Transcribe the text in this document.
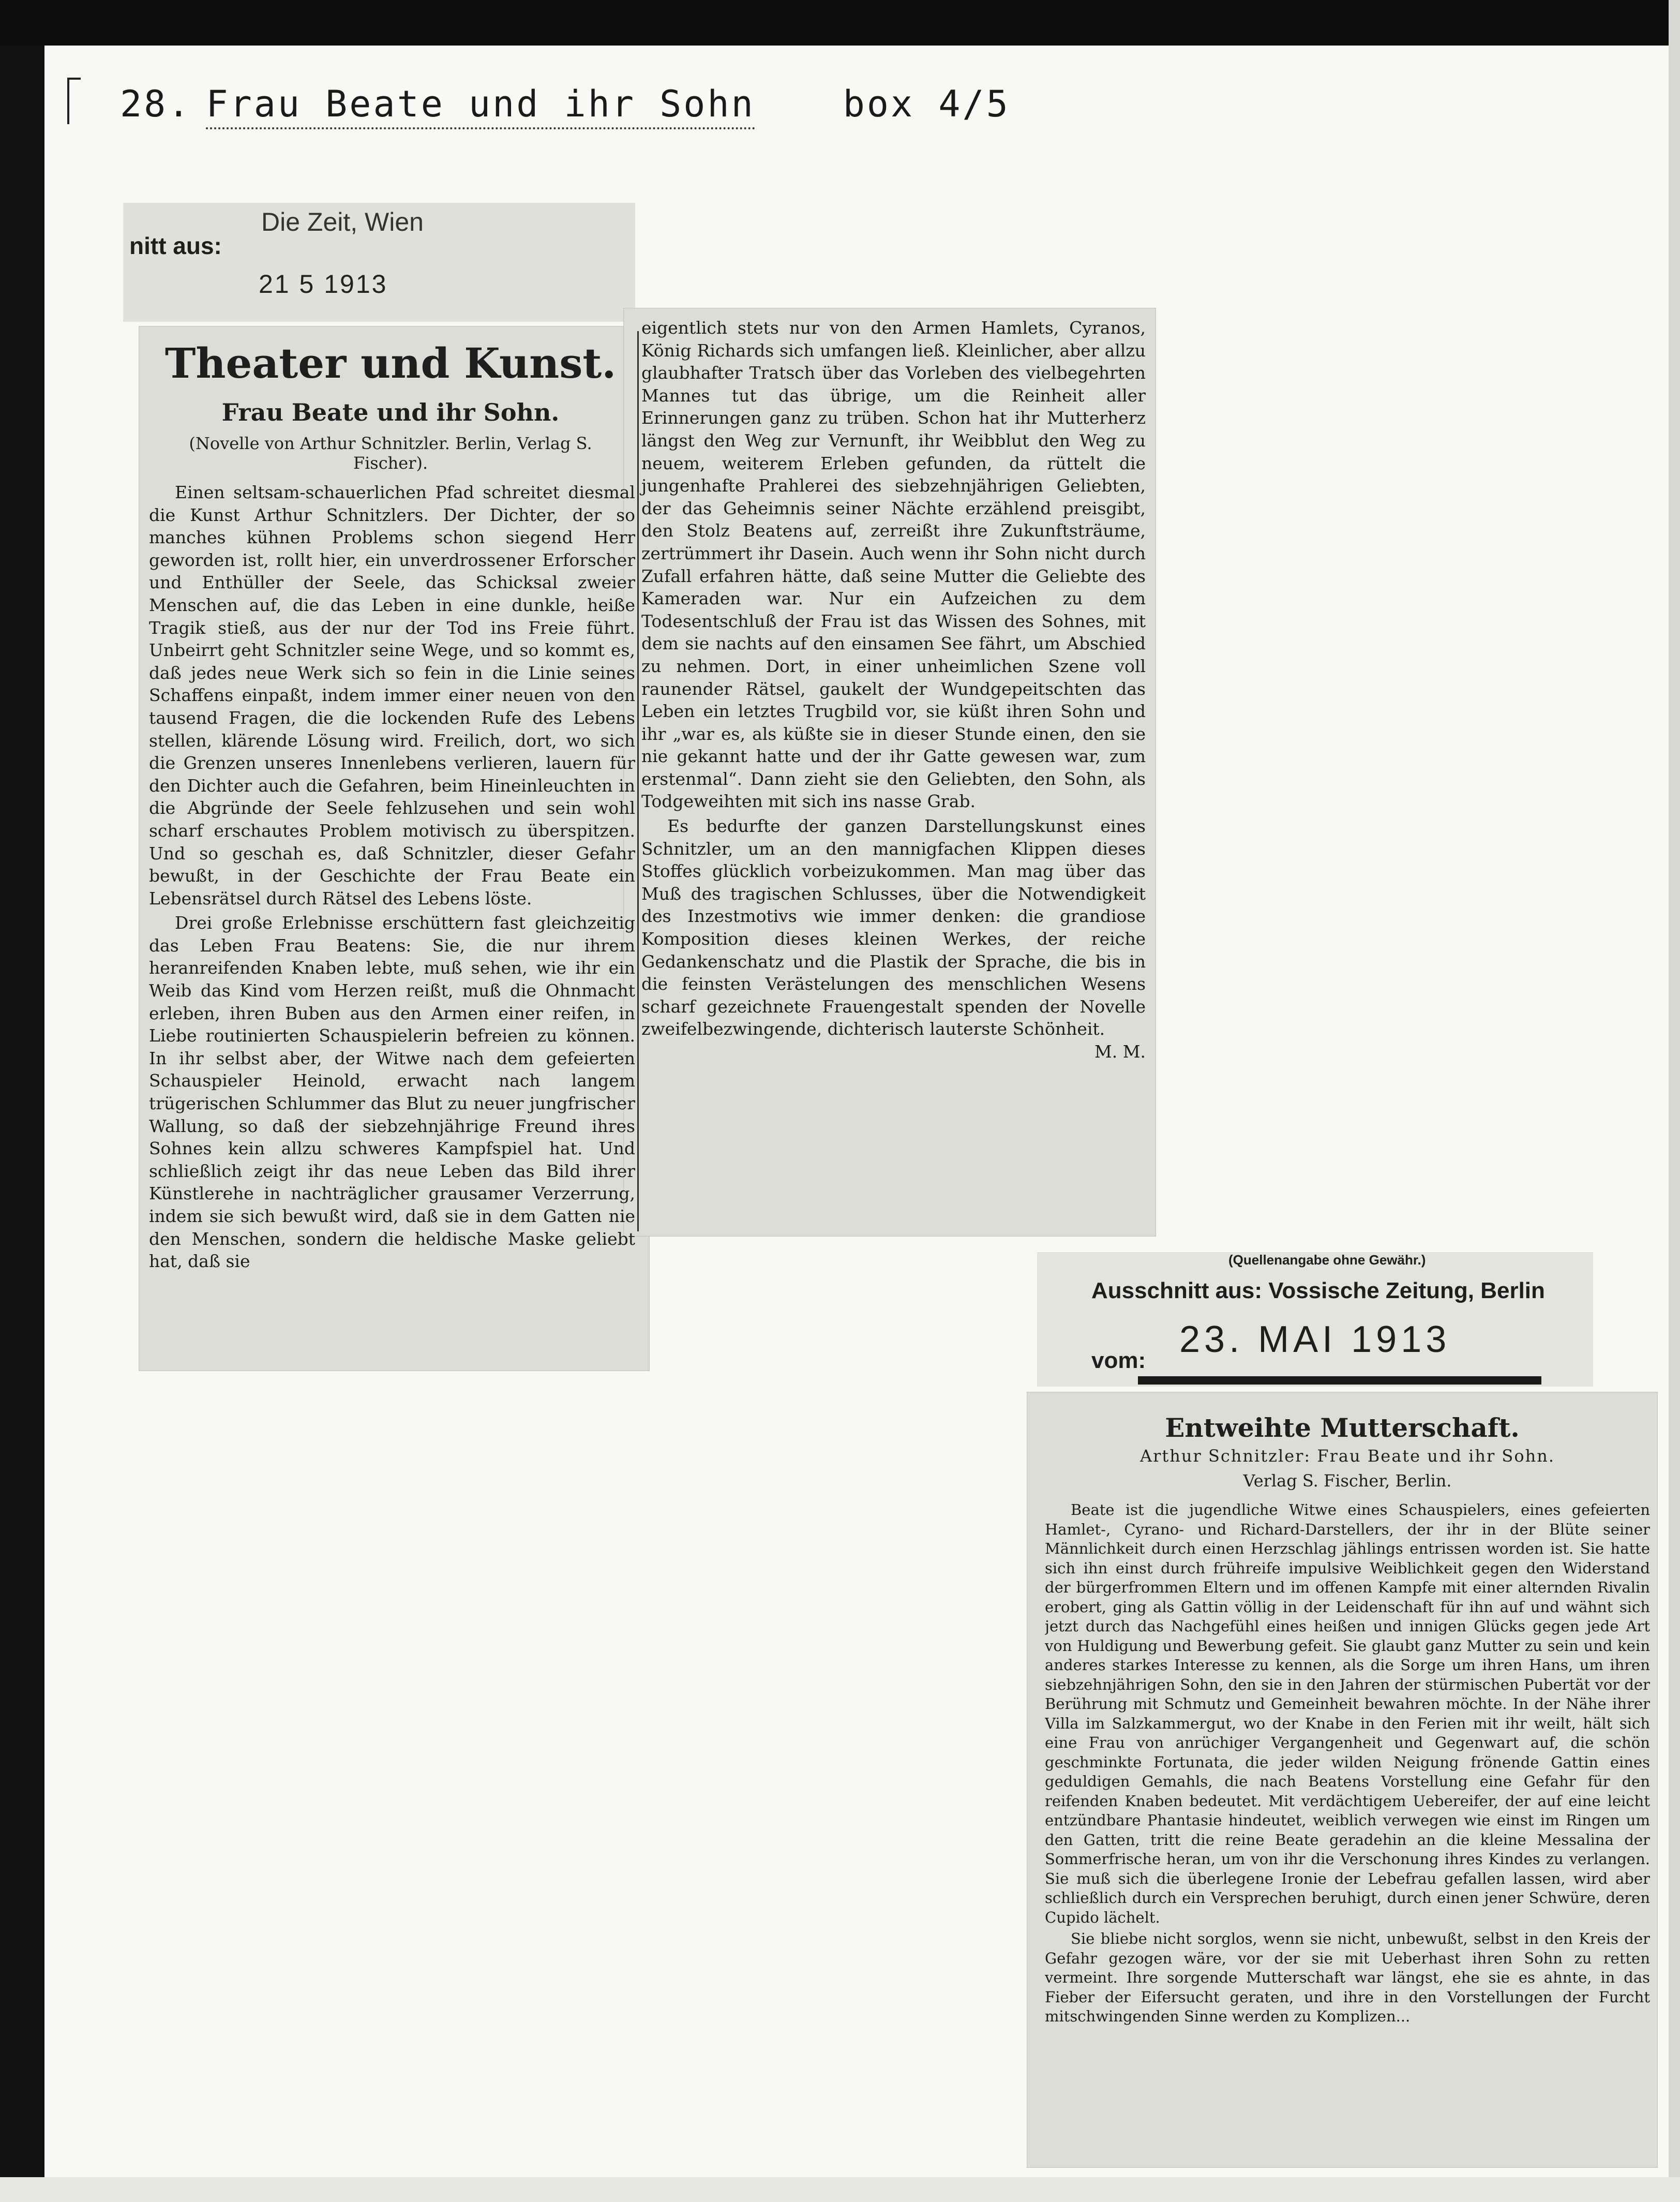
28. Frau Beate und ihr Sohn box 4/5
nitt aus:
Die Zeit, Wien
21 5 1913
Theater und Kunst.
Frau Beate und ihr Sohn.
(Novelle von Arthur Schnitzler. Berlin, Verlag S. Fischer).

Einen seltsam-schauerlichen Pfad schreitet diesmal die Kunst Arthur Schnitzlers. Der Dichter, der so manches kühnen Problems schon siegend Herr geworden ist, rollt hier, ein unverdrossener Erforscher und Enthüller der Seele, das Schicksal zweier Menschen auf, die das Leben in eine dunkle, heiße Tragik stieß, aus der nur der Tod ins Freie führt. Unbeirrt geht Schnitzler seine Wege, und so kommt es, daß jedes neue Werk sich so fein in die Linie seines Schaffens einpaßt, indem immer einer neuen von den tausend Fragen, die die lockenden Rufe des Lebens stellen, klärende Lösung wird. Freilich, dort, wo sich die Grenzen unseres Innenlebens verlieren, lauern für den Dichter auch die Gefahren, beim Hineinleuchten in die Abgründe der Seele fehlzusehen und sein wohl scharf erschautes Problem motivisch zu überspitzen. Und so geschah es, daß Schnitzler, dieser Gefahr bewußt, in der Geschichte der Frau Beate ein Lebensrätsel durch Rätsel des Lebens löste.

Drei große Erlebnisse erschüttern fast gleichzeitig das Leben Frau Beatens: Sie, die nur ihrem heranreifenden Knaben lebte, muß sehen, wie ihr ein Weib das Kind vom Herzen reißt, muß die Ohnmacht erleben, ihren Buben aus den Armen einer reifen, in Liebe routinierten Schauspielerin befreien zu können. In ihr selbst aber, der Witwe nach dem gefeierten Schauspieler Heinold, erwacht nach langem trügerischen Schlummer das Blut zu neuer jungfrischer Wallung, so daß der siebzehnjährige Freund ihres Sohnes kein allzu schweres Kampfspiel hat. Und schließlich zeigt ihr das neue Leben das Bild ihrer Künstlerehe in nachträglicher grausamer Verzerrung, indem sie sich bewußt wird, daß sie in dem Gatten nie den Menschen, sondern die heldische Maske geliebt hat, daß sie

eigentlich stets nur von den Armen Hamlets, Cyranos, König Richards sich umfangen ließ. Kleinlicher, aber allzu glaubhafter Tratsch über das Vorleben des vielbegehrten Mannes tut das übrige, um die Reinheit aller Erinnerungen ganz zu trüben. Schon hat ihr Mutterherz längst den Weg zur Vernunft, ihr Weibblut den Weg zu neuem, weiterem Erleben gefunden, da rüttelt die jungenhafte Prahlerei des siebzehnjährigen Geliebten, der das Geheimnis seiner Nächte erzählend preisgibt, den Stolz Beatens auf, zerreißt ihre Zukunftsträume, zertrümmert ihr Dasein. Auch wenn ihr Sohn nicht durch Zufall erfahren hätte, daß seine Mutter die Geliebte des Kameraden war. Nur ein Aufzeichen zu dem Todesentschluß der Frau ist das Wissen des Sohnes, mit dem sie nachts auf den einsamen See fährt, um Abschied zu nehmen. Dort, in einer unheimlichen Szene voll raunender Rätsel, gaukelt der Wundgepeitschten das Leben ein letztes Trugbild vor, sie küßt ihren Sohn und ihr „war es, als küßte sie in dieser Stunde einen, den sie nie gekannt hatte und der ihr Gatte gewesen war, zum erstenmal“. Dann zieht sie den Geliebten, den Sohn, als Todgeweihten mit sich ins nasse Grab.

Es bedurfte der ganzen Darstellungskunst eines Schnitzler, um an den mannigfachen Klippen dieses Stoffes glücklich vorbeizukommen. Man mag über das Muß des tragischen Schlusses, über die Notwendigkeit des Inzestmotivs wie immer denken: die grandiose Komposition dieses kleinen Werkes, der reiche Gedankenschatz und die Plastik der Sprache, die bis in die feinsten Verästelungen des menschlichen Wesens scharf gezeichnete Frauengestalt spenden der Novelle zweifelbezwingende, dichterisch lauterste Schönheit.

M. M.
(Quellenangabe ohne Gewähr.)
Ausschnitt aus: Vossische Zeitung, Berlin
23. MAI 1913
vom:
Entweihte Mutterschaft.
Arthur Schnitzler: Frau Beate und ihr Sohn.
Verlag S. Fischer, Berlin.

Beate ist die jugendliche Witwe eines Schauspielers, eines gefeierten Hamlet-, Cyrano- und Richard-Darstellers, der ihr in der Blüte seiner Männlichkeit durch einen Herzschlag jählings entrissen worden ist. Sie hatte sich ihn einst durch frühreife impulsive Weiblichkeit gegen den Widerstand der bürgerfrommen Eltern und im offenen Kampfe mit einer alternden Rivalin erobert, ging als Gattin völlig in der Leidenschaft für ihn auf und wähnt sich jetzt durch das Nachgefühl eines heißen und innigen Glücks gegen jede Art von Huldigung und Bewerbung gefeit. Sie glaubt ganz Mutter zu sein und kein anderes starkes Interesse zu kennen, als die Sorge um ihren Hans, um ihren siebzehnjährigen Sohn, den sie in den Jahren der stürmischen Pubertät vor der Berührung mit Schmutz und Gemeinheit bewahren möchte. In der Nähe ihrer Villa im Salzkammergut, wo der Knabe in den Ferien mit ihr weilt, hält sich eine Frau von anrüchiger Vergangenheit und Gegenwart auf, die schön geschminkte Fortunata, die jeder wilden Neigung frönende Gattin eines geduldigen Gemahls, die nach Beatens Vorstellung eine Gefahr für den reifenden Knaben bedeutet. Mit verdächtigem Uebereifer, der auf eine leicht entzündbare Phantasie hindeutet, weiblich verwegen wie einst im Ringen um den Gatten, tritt die reine Beate geradehin an die kleine Messalina der Sommerfrische heran, um von ihr die Verschonung ihres Kindes zu verlangen. Sie muß sich die überlegene Ironie der Lebefrau gefallen lassen, wird aber schließlich durch ein Versprechen beruhigt, durch einen jener Schwüre, deren Cupido lächelt.

Sie bliebe nicht sorglos, wenn sie nicht, unbewußt, selbst in den Kreis der Gefahr gezogen wäre, vor der sie mit Ueberhast ihren Sohn zu retten vermeint. Ihre sorgende Mutterschaft war längst, ehe sie es ahnte, in das Fieber der Eifersucht geraten, und ihre in den Vorstellungen der Furcht mitschwingenden Sinne werden zu Komplizen...
